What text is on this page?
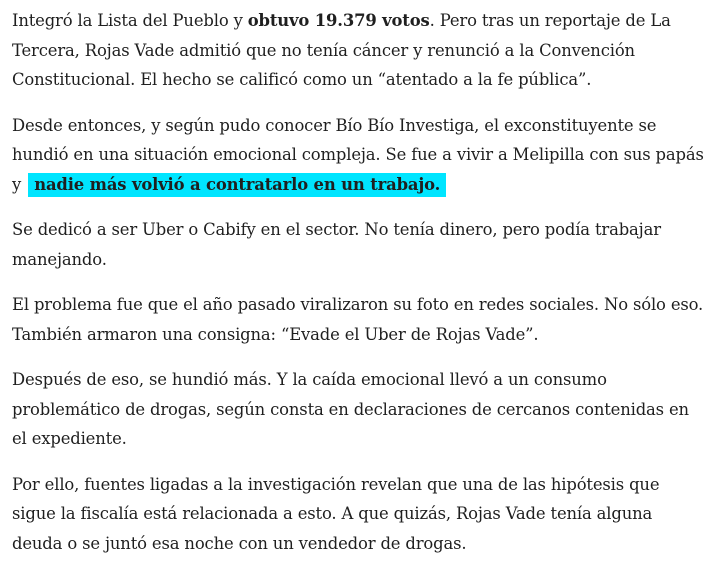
Integró la Lista del Pueblo y obtuvo 19.379 votos. Pero tras un reportaje de La Tercera, Rojas Vade admitió que no tenía cáncer y renunció a la Convención Constitucional. El hecho se calificó como un “atentado a la fe pública”.

Desde entonces, y según pudo conocer Bío Bío Investiga, el exconstituyente se hundió en una situación emocional compleja. Se fue a vivir a Melipilla con sus papás y nadie más volvió a contratarlo en un trabajo.

Se dedicó a ser Uber o Cabify en el sector. No tenía dinero, pero podía trabajar manejando.

El problema fue que el año pasado viralizaron su foto en redes sociales. No sólo eso. También armaron una consigna: “Evade el Uber de Rojas Vade”.

Después de eso, se hundió más. Y la caída emocional llevó a un consumo problemático de drogas, según consta en declaraciones de cercanos contenidas en el expediente.

Por ello, fuentes ligadas a la investigación revelan que una de las hipótesis que sigue la fiscalía está relacionada a esto. A que quizás, Rojas Vade tenía alguna deuda o se juntó esa noche con un vendedor de drogas.
